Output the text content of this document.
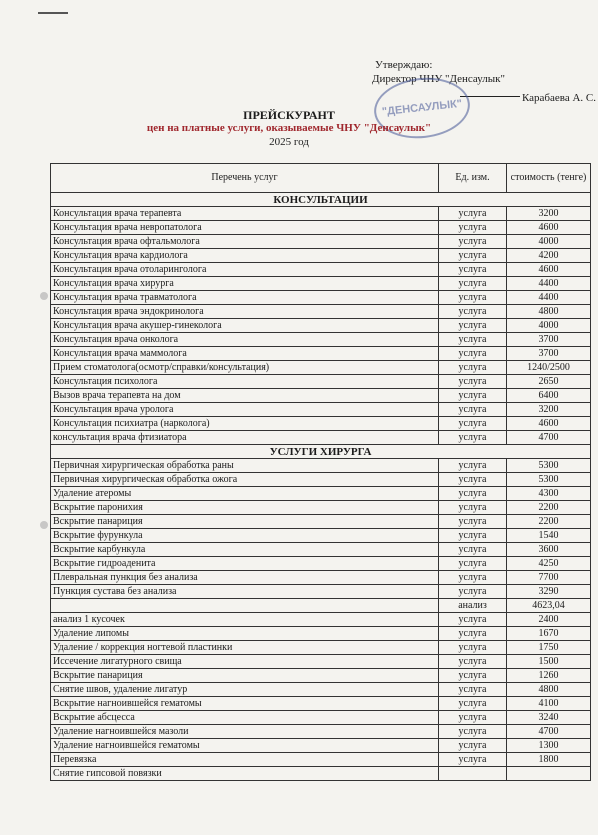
Утверждаю:
Директор ЧНУ "Денсаулык"
Карабаева А. С.
"ДЕНСАУЛЫК"
ПРЕЙСКУРАНТ
цен на платные услуги, оказываемые ЧНУ "Денсаулык"
2025 год
Перечень услуг	Ед. изм.	стоимость (тенге)
КОНСУЛЬТАЦИИ		
Консультация врача терапевта	услуга	3200
Консультация врача невропатолога	услуга	4600
Консультация врача офтальмолога	услуга	4000
Консультация врача кардиолога	услуга	4200
Консультация врача отоларинголога	услуга	4600
Консультация врача хирурга	услуга	4400
Консультация врача травматолога	услуга	4400
Консультация врача эндокринолога	услуга	4800
Консультация врача акушер-гинеколога	услуга	4000
Консультация врача онколога	услуга	3700
Консультация врача маммолога	услуга	3700
Прием стоматолога(осмотр/справки/консультация)	услуга	1240/2500
Консультация психолога	услуга	2650
Вызов врача терапевта на дом	услуга	6400
Консультация врача уролога	услуга	3200
Консультация психиатра (нарколога)	услуга	4600
консультация врача фтизиатора	услуга	4700
УСЛУГИ ХИРУРГА		
Первичная хирургическая обработка раны	услуга	5300
Первичная хирургическая обработка ожога	услуга	5300
Удаление атеромы	услуга	4300
Вскрытие паронихия	услуга	2200
Вскрытие панариция	услуга	2200
Вскрытие фурункула	услуга	1540
Вскрытие карбункула	услуга	3600
Вскрытие гидроаденита	услуга	4250
Плевральная пункция без анализа	услуга	7700
Пункция сустава без анализа	услуга	3290
	анализ	4623,04
анализ 1 кусочек	услуга	2400
Удаление липомы	услуга	1670
Удаление / коррекция ногтевой пластинки	услуга	1750
Иссечение лигатурного свища	услуга	1500
Вскрытие панариция	услуга	1260
Снятие швов, удаление лигатур	услуга	4800
Вскрытие нагноившейся гематомы	услуга	4100
Вскрытие абсцесса	услуга	3240
Удаление нагноившейся мазоли	услуга	4700
Удаление нагноившейся гематомы	услуга	1300
Перевязка	услуга	1800
Снятие гипсовой повязки		
